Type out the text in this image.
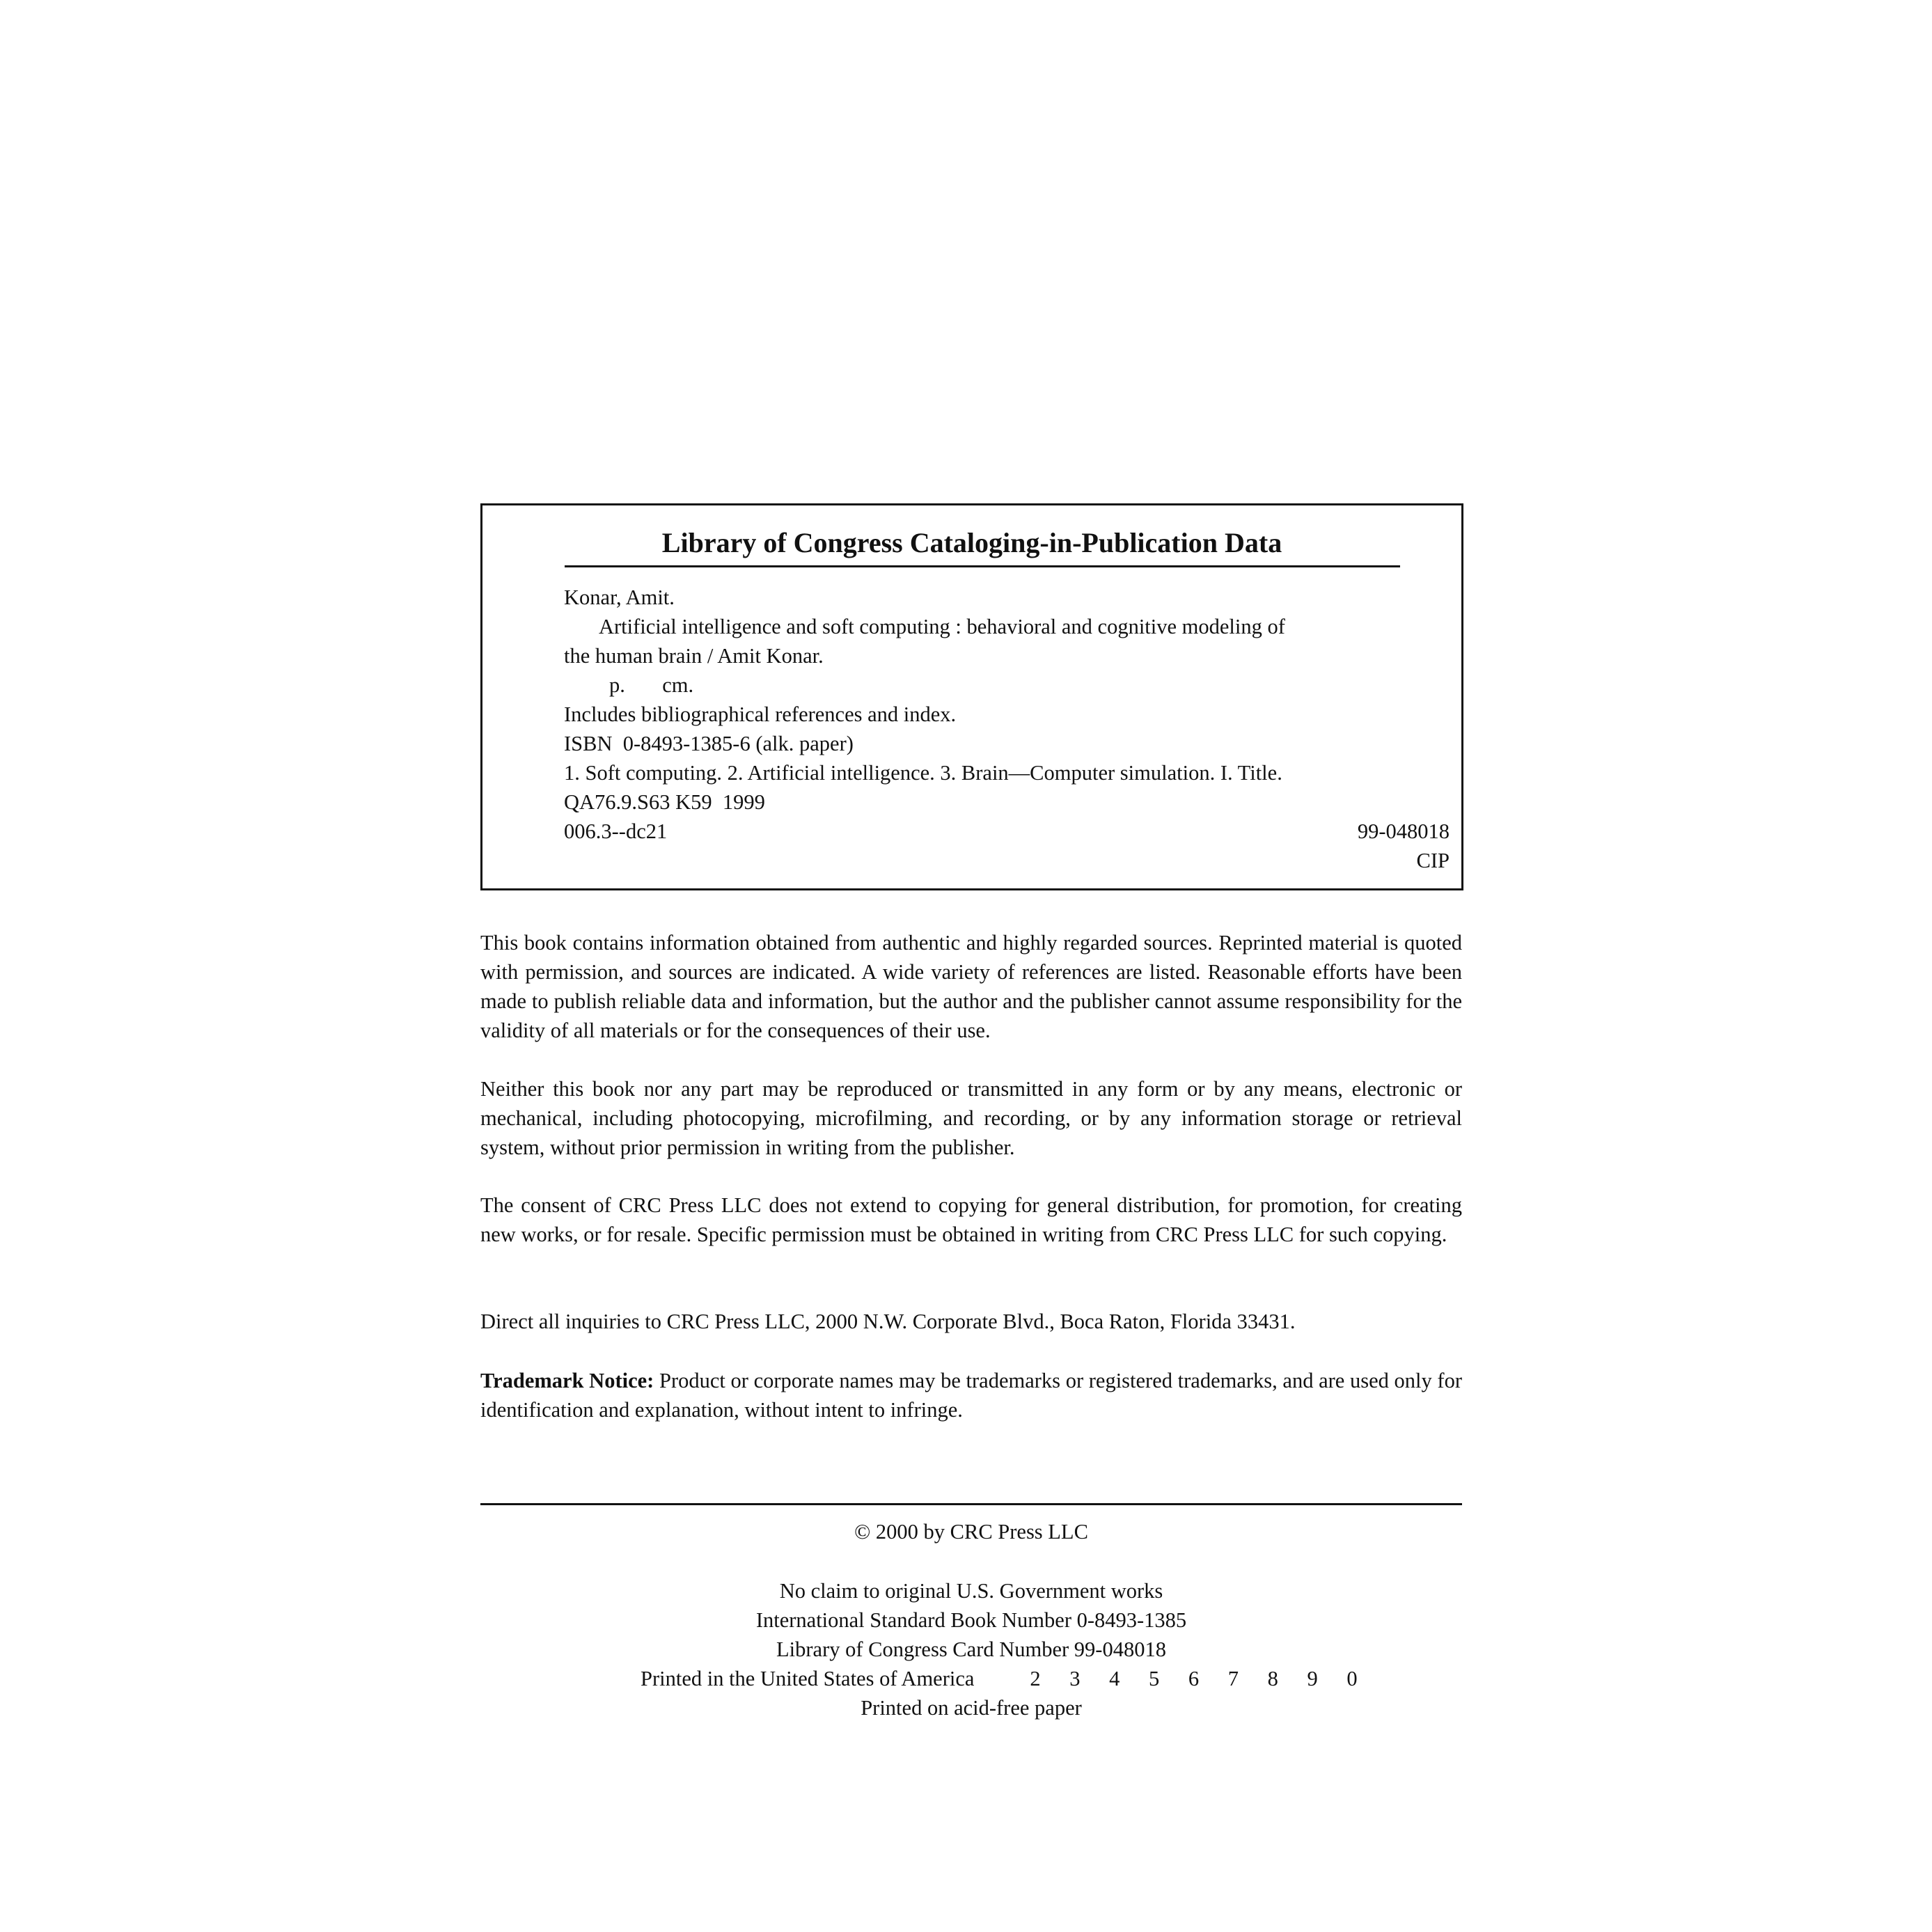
Library of Congress Cataloging-in-Publication Data
Konar, Amit.
Artificial intelligence and soft computing : behavioral and cognitive modeling of
the human brain / Amit Konar.
p.       cm.
Includes bibliographical references and index.
ISBN  0-8493-1385-6 (alk. paper)
1. Soft computing. 2. Artificial intelligence. 3. Brain—Computer simulation. I. Title.
QA76.9.S63 K59  1999
006.3--dc21	99-048018
CIP
This book contains information obtained from authentic and highly regarded sources. Reprinted material is quoted with permission, and sources are indicated. A wide variety of references are listed. Reasonable efforts have been made to publish reliable data and information, but the author and the publisher cannot assume responsibility for the validity of all materials or for the consequences of their use.
Neither this book nor any part may be reproduced or transmitted in any form or by any means, electronic or mechanical, including photocopying, microfilming, and recording, or by any information storage or retrieval system, without prior permission in writing from the publisher.
The consent of CRC Press LLC does not extend to copying for general distribution, for promotion, for creating new works, or for resale. Specific permission must be obtained in writing from CRC Press LLC for such copying.
Direct all inquiries to CRC Press LLC, 2000 N.W. Corporate Blvd., Boca Raton, Florida 33431.
Trademark Notice: Product or corporate names may be trademarks or registered trademarks, and are used only for identification and explanation, without intent to infringe.
© 2000 by CRC Press LLC
No claim to original U.S. Government works
International Standard Book Number 0-8493-1385
Library of Congress Card Number 99-048018
Printed in the United States of America	2 3 4 5 6 7 8 9 0
Printed on acid-free paper
